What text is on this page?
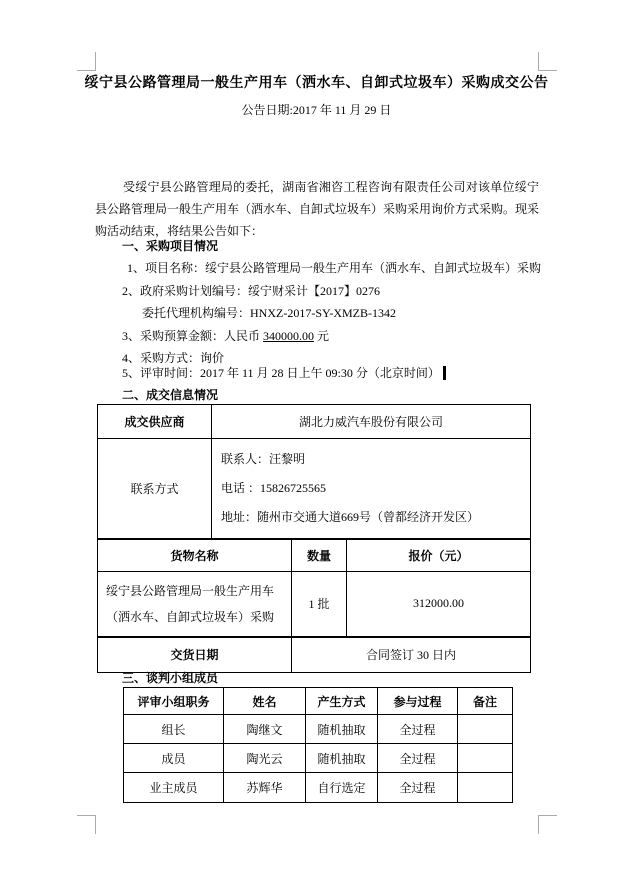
绥宁县公路管理局一般生产用车（洒水车、自卸式垃圾车）采购成交公告
公告日期:2017 年 11 月 29 日
受绥宁县公路管理局的委托，湖南省湘咨工程咨询有限责任公司对该单位绥宁县公路管理局一般生产用车（洒水车、自卸式垃圾车）采购采用询价方式采购。现采购活动结束，将结果公告如下：
一、采购项目情况
1、项目名称：绥宁县公路管理局一般生产用车（洒水车、自卸式垃圾车）采购
2、政府采购计划编号：绥宁财采计【2017】0276
委托代理机构编号：HNXZ-2017-SY-XMZB-1342
3、采购预算金额：人民币 340000.00 元
4、采购方式：询价
5、评审时间：2017 年 11 月 28 日上午 09:30 分（北京时间）
二、成交信息情况
成交供应商	湖北力威汽车股份有限公司		
联系方式	联系人：汪黎明
电话 ：15826725565
地址：随州市交通大道669号（曾都经济开发区）		

货物名称		数量	报价（元）
绥宁县公路管理局一般生产用车（洒水车、自卸式垃圾车）采购		1 批	312000.00
交货日期		合同签订 30 日内	
三、谈判小组成员
评审小组职务	姓名	产生方式	参与过程	备注
组长	陶继文	随机抽取	全过程	
成员	陶光云	随机抽取	全过程	
业主成员	苏辉华	自行选定	全过程	
